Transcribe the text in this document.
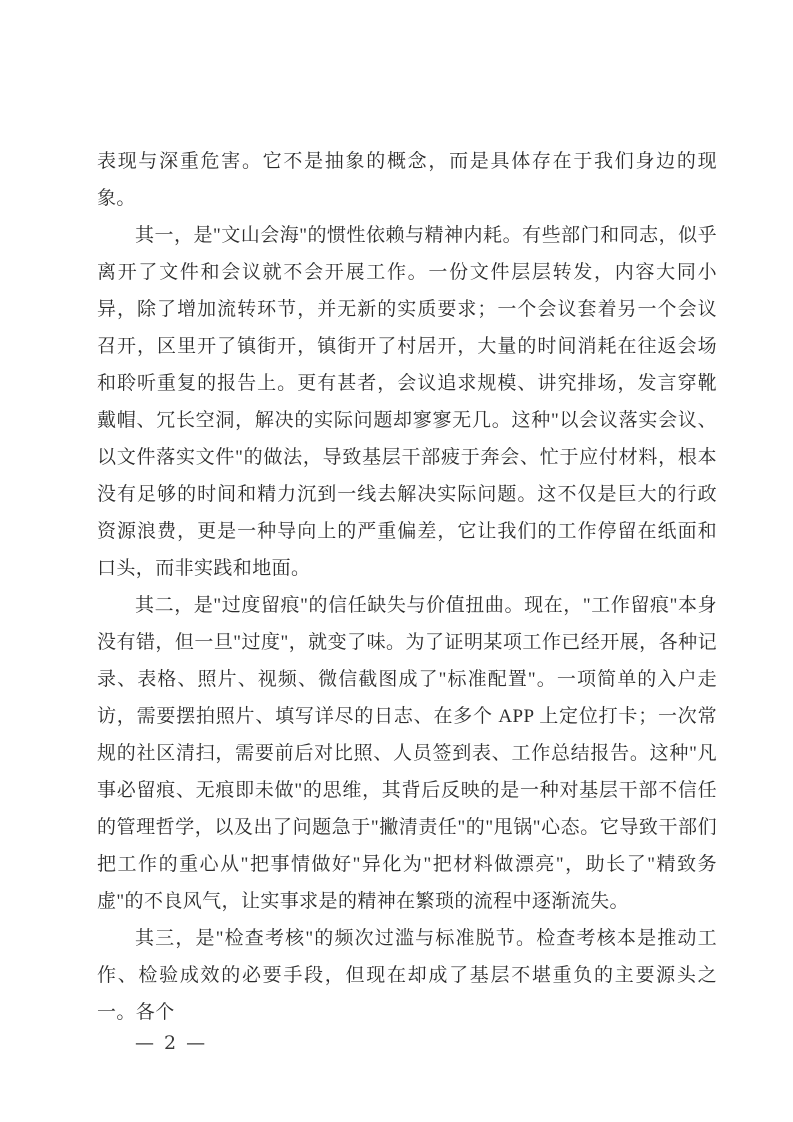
表现与深重危害。它不是抽象的概念，而是具体存在于我们身边的现象。

其一，是"文山会海"的惯性依赖与精神内耗。有些部门和同志，似乎离开了文件和会议就不会开展工作。一份文件层层转发，内容大同小异，除了增加流转环节，并无新的实质要求；一个会议套着另一个会议召开，区里开了镇街开，镇街开了村居开，大量的时间消耗在往返会场和聆听重复的报告上。更有甚者，会议追求规模、讲究排场，发言穿靴戴帽、冗长空洞，解决的实际问题却寥寥无几。这种"以会议落实会议、以文件落实文件"的做法，导致基层干部疲于奔会、忙于应付材料，根本没有足够的时间和精力沉到一线去解决实际问题。这不仅是巨大的行政资源浪费，更是一种导向上的严重偏差，它让我们的工作停留在纸面和口头，而非实践和地面。

其二，是"过度留痕"的信任缺失与价值扭曲。现在，"工作留痕"本身没有错，但一旦"过度"，就变了味。为了证明某项工作已经开展，各种记录、表格、照片、视频、微信截图成了"标准配置"。一项简单的入户走访，需要摆拍照片、填写详尽的日志、在多个 APP 上定位打卡；一次常规的社区清扫，需要前后对比照、人员签到表、工作总结报告。这种"凡事必留痕、无痕即未做"的思维，其背后反映的是一种对基层干部不信任的管理哲学，以及出了问题急于"撇清责任"的"甩锅"心态。它导致干部们把工作的重心从"把事情做好"异化为"把材料做漂亮"，助长了"精致务虚"的不良风气，让实事求是的精神在繁琐的流程中逐渐流失。

其三，是"检查考核"的频次过滥与标准脱节。检查考核本是推动工作、检验成效的必要手段，但现在却成了基层不堪重负的主要源头之一。各个

— 2 —
